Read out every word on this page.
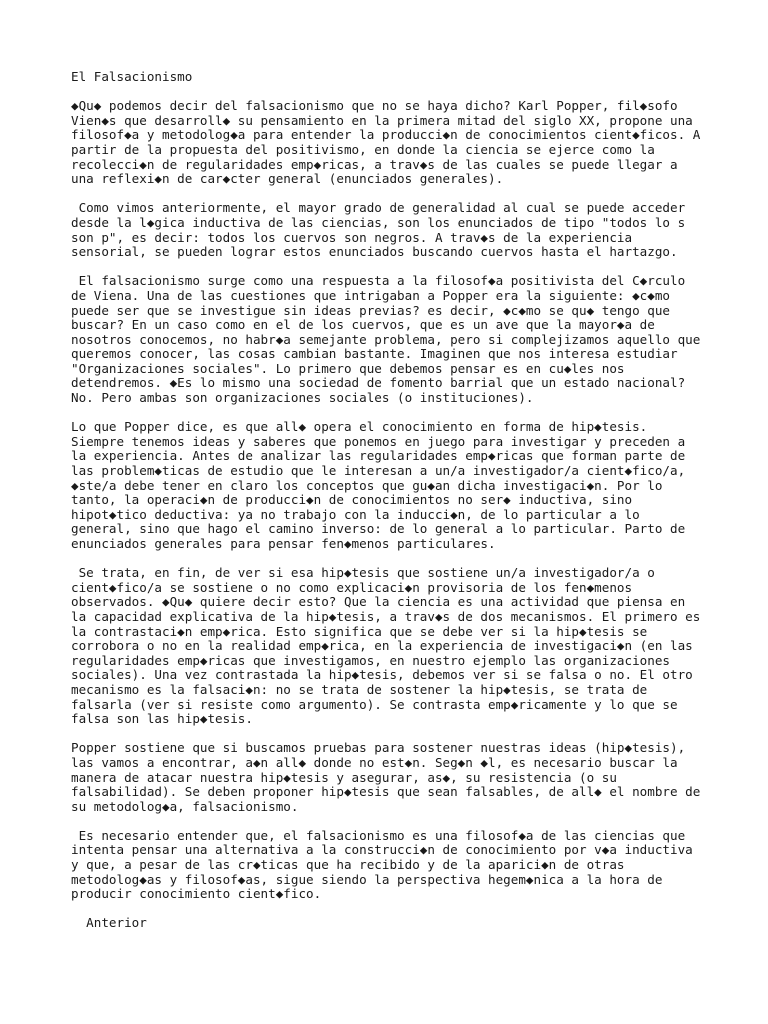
El Falsacionismo
◆Qu◆ podemos decir del falsacionismo que no se haya dicho? Karl Popper, fil◆sofo
Vien◆s que desarroll◆ su pensamiento en la primera mitad del siglo XX, propone una
filosof◆a y metodolog◆a para entender la producci◆n de conocimientos cient◆ficos. A
partir de la propuesta del positivismo, en donde la ciencia se ejerce como la
recolecci◆n de regularidades emp◆ricas, a trav◆s de las cuales se puede llegar a
una reflexi◆n de car◆cter general (enunciados generales).
Como vimos anteriormente, el mayor grado de generalidad al cual se puede acceder
desde la l◆gica inductiva de las ciencias, son los enunciados de tipo "todos lo s
son p", es decir: todos los cuervos son negros. A trav◆s de la experiencia
sensorial, se pueden lograr estos enunciados buscando cuervos hasta el hartazgo.
El falsacionismo surge como una respuesta a la filosof◆a positivista del C◆rculo
de Viena. Una de las cuestiones que intrigaban a Popper era la siguiente: ◆c◆mo
puede ser que se investigue sin ideas previas? es decir, ◆c◆mo se qu◆ tengo que
buscar? En un caso como en el de los cuervos, que es un ave que la mayor◆a de
nosotros conocemos, no habr◆a semejante problema, pero si complejizamos aquello que
queremos conocer, las cosas cambian bastante. Imaginen que nos interesa estudiar
"Organizaciones sociales". Lo primero que debemos pensar es en cu◆les nos
detendremos. ◆Es lo mismo una sociedad de fomento barrial que un estado nacional?
No. Pero ambas son organizaciones sociales (o instituciones).
Lo que Popper dice, es que all◆ opera el conocimiento en forma de hip◆tesis.
Siempre tenemos ideas y saberes que ponemos en juego para investigar y preceden a
la experiencia. Antes de analizar las regularidades emp◆ricas que forman parte de
las problem◆ticas de estudio que le interesan a un/a investigador/a cient◆fico/a,
◆ste/a debe tener en claro los conceptos que gu◆an dicha investigaci◆n. Por lo
tanto, la operaci◆n de producci◆n de conocimientos no ser◆ inductiva, sino
hipot◆tico deductiva: ya no trabajo con la inducci◆n, de lo particular a lo
general, sino que hago el camino inverso: de lo general a lo particular. Parto de
enunciados generales para pensar fen◆menos particulares.
Se trata, en fin, de ver si esa hip◆tesis que sostiene un/a investigador/a o
cient◆fico/a se sostiene o no como explicaci◆n provisoria de los fen◆menos
observados. ◆Qu◆ quiere decir esto? Que la ciencia es una actividad que piensa en
la capacidad explicativa de la hip◆tesis, a trav◆s de dos mecanismos. El primero es
la contrastaci◆n emp◆rica. Esto significa que se debe ver si la hip◆tesis se
corrobora o no en la realidad emp◆rica, en la experiencia de investigaci◆n (en las
regularidades emp◆ricas que investigamos, en nuestro ejemplo las organizaciones
sociales). Una vez contrastada la hip◆tesis, debemos ver si se falsa o no. El otro
mecanismo es la falsaci◆n: no se trata de sostener la hip◆tesis, se trata de
falsarla (ver si resiste como argumento). Se contrasta emp◆ricamente y lo que se
falsa son las hip◆tesis.
Popper sostiene que si buscamos pruebas para sostener nuestras ideas (hip◆tesis),
las vamos a encontrar, a◆n all◆ donde no est◆n. Seg◆n ◆l, es necesario buscar la
manera de atacar nuestra hip◆tesis y asegurar, as◆, su resistencia (o su
falsabilidad). Se deben proponer hip◆tesis que sean falsables, de all◆ el nombre de
su metodolog◆a, falsacionismo.
Es necesario entender que, el falsacionismo es una filosof◆a de las ciencias que
intenta pensar una alternativa a la construcci◆n de conocimiento por v◆a inductiva
y que, a pesar de las cr◆ticas que ha recibido y de la aparici◆n de otras
metodolog◆as y filosof◆as, sigue siendo la perspectiva hegem◆nica a la hora de
producir conocimiento cient◆fico.
Anterior
